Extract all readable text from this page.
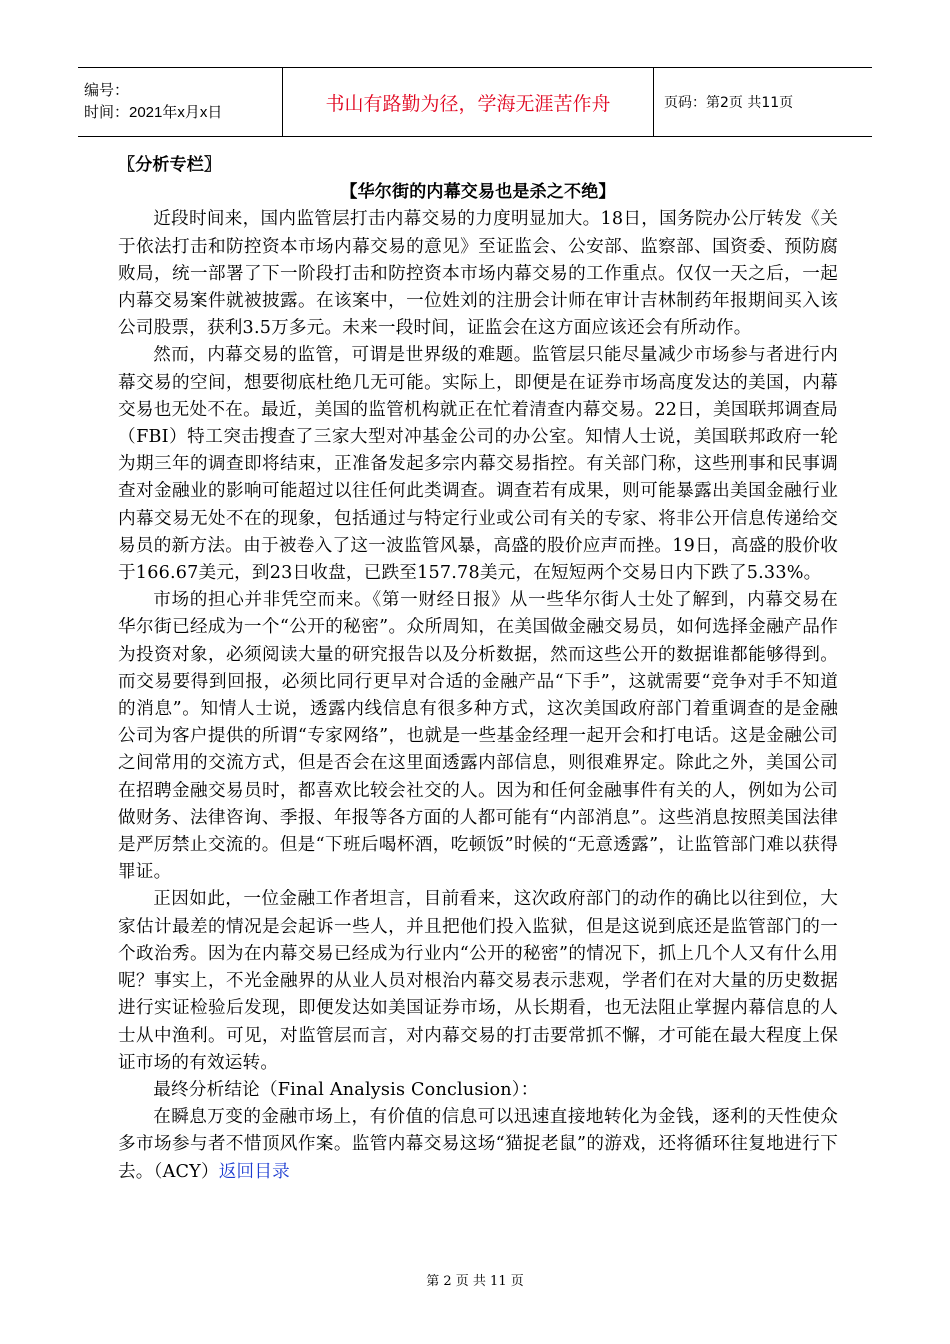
编号：
时间：2021年x月x日	书山有路勤为径，学海无涯苦作舟	页码：第2页 共11页
〖分析专栏〗
【华尔街的内幕交易也是杀之不绝】

近段时间来，国内监管层打击内幕交易的力度明显加大。18日，国务院办公厅转发《关于依法打击和防控资本市场内幕交易的意见》至证监会、公安部、监察部、国资委、预防腐败局，统一部署了下一阶段打击和防控资本市场内幕交易的工作重点。仅仅一天之后，一起内幕交易案件就被披露。在该案中，一位姓刘的注册会计师在审计吉林制药年报期间买入该公司股票，获利3.5万多元。未来一段时间，证监会在这方面应该还会有所动作。

然而，内幕交易的监管，可谓是世界级的难题。监管层只能尽量减少市场参与者进行内幕交易的空间，想要彻底杜绝几无可能。实际上，即便是在证券市场高度发达的美国，内幕交易也无处不在。最近，美国的监管机构就正在忙着清查内幕交易。22日，美国联邦调查局（FBI）特工突击搜查了三家大型对冲基金公司的办公室。知情人士说，美国联邦政府一轮为期三年的调查即将结束，正准备发起多宗内幕交易指控。有关部门称，这些刑事和民事调查对金融业的影响可能超过以往任何此类调查。调查若有成果，则可能暴露出美国金融行业内幕交易无处不在的现象，包括通过与特定行业或公司有关的专家、将非公开信息传递给交易员的新方法。由于被卷入了这一波监管风暴，高盛的股价应声而挫。19日，高盛的股价收于166.67美元，到23日收盘，已跌至157.78美元，在短短两个交易日内下跌了5.33%。

市场的担心并非凭空而来。《第一财经日报》从一些华尔街人士处了解到，内幕交易在华尔街已经成为一个“公开的秘密”。众所周知，在美国做金融交易员，如何选择金融产品作为投资对象，必须阅读大量的研究报告以及分析数据，然而这些公开的数据谁都能够得到。而交易要得到回报，必须比同行更早对合适的金融产品“下手”，这就需要“竞争对手不知道的消息”。知情人士说，透露内线信息有很多种方式，这次美国政府部门着重调查的是金融公司为客户提供的所谓“专家网络”，也就是一些基金经理一起开会和打电话。这是金融公司之间常用的交流方式，但是否会在这里面透露内部信息，则很难界定。除此之外，美国公司在招聘金融交易员时，都喜欢比较会社交的人。因为和任何金融事件有关的人，例如为公司做财务、法律咨询、季报、年报等各方面的人都可能有“内部消息”。这些消息按照美国法律是严厉禁止交流的。但是“下班后喝杯酒，吃顿饭”时候的“无意透露”，让监管部门难以获得罪证。

正因如此，一位金融工作者坦言，目前看来，这次政府部门的动作的确比以往到位，大家估计最差的情况是会起诉一些人，并且把他们投入监狱，但是这说到底还是监管部门的一个政治秀。因为在内幕交易已经成为行业内“公开的秘密”的情况下，抓上几个人又有什么用呢？事实上，不光金融界的从业人员对根治内幕交易表示悲观，学者们在对大量的历史数据进行实证检验后发现，即便发达如美国证券市场，从长期看，也无法阻止掌握内幕信息的人士从中渔利。可见，对监管层而言，对内幕交易的打击要常抓不懈，才可能在最大程度上保证市场的有效运转。

最终分析结论（Final Analysis Conclusion）：

在瞬息万变的金融市场上，有价值的信息可以迅速直接地转化为金钱，逐利的天性使众多市场参与者不惜顶风作案。监管内幕交易这场“猫捉老鼠”的游戏，还将循环往复地进行下去。（ACY）返回目录

第 2 页 共 11 页
